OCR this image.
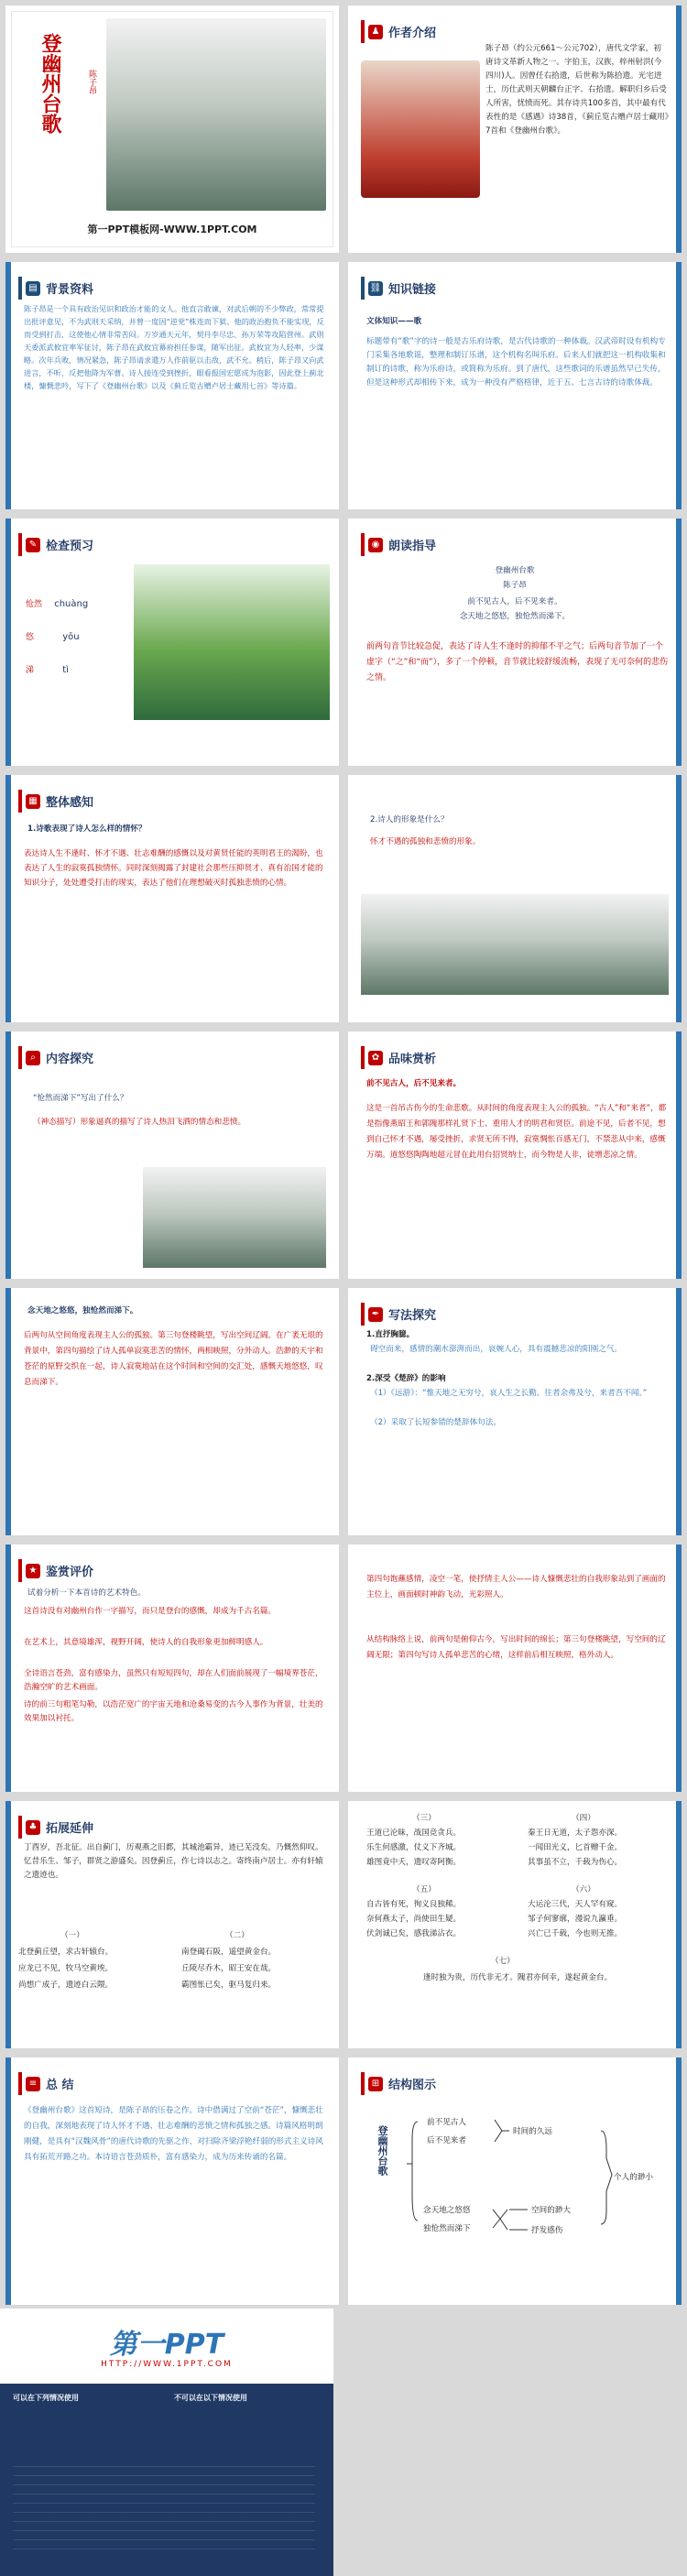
登幽州台歌	陈子昂
第一PPT模板网-WWW.1PPT.COM
♟ 作者介绍
陈子昂（约公元661～公元702），唐代文学家，初唐诗文革新人物之一。字伯玉，汉族，梓州射洪(今四川)人。因曾任右拾遗，后世称为陈拾遗。光宅进士，历仕武则天朝麟台正字、右拾遗。解职归乡后受人所害，忧愤而死。其存诗共100多首，其中最有代表性的是《感遇》诗38首，《蓟丘览古赠卢居士藏用》7首和《登幽州台歌》。
▤ 背景资料
陈子昂是一个具有政治见识和政治才能的文人。他直言敢谏，对武后朝的不少弊政，常常提出批评意见，不为武则天采纳，并曾一度因“逆党”株连而下狱。他的政治抱负不能实现，反而受到打击，这使他心情非常苦闷。万岁通天元年，契丹李尽忠、孙万荣等攻陷营州。武则天委派武攸宜率军征讨，陈子昂在武攸宜幕府担任参谋，随军出征。武攸宜为人轻率，少谋略。次年兵败，情况紧急，陈子昂请求遣万人作前驱以击敌，武不允。稍后，陈子昂又向武进言，不听，反把他降为军曹。诗人接连受到挫折，眼看报国宏愿成为泡影，因此登上蓟北楼，慷慨悲吟，写下了《登幽州台歌》以及《蓟丘览古赠卢居士藏用七首》等诗篇。
⛓ 知识链接
文体知识——歌
标题带有“歌”字的诗一般是古乐府诗歌，是古代诗歌的一种体裁。汉武帝时设有机构专门采集各地歌谣，整理和制订乐谱，这个机构名叫乐府。后来人们就把这一机构收集和制订的诗歌，称为乐府诗，或简称为乐府。到了唐代，这些歌词的乐谱虽然早已失传，但是这种形式却相传下来，成为一种没有严格格律，近于五、七言古诗的诗歌体裁。
✎ 检查预习
怆然 chuàng
悠	yōu
涕	tì
◉ 朗读指导
登幽州台歌
陈子昂
前不见古人，后不见来者。
念天地之悠悠，独怆然而涕下。
前两句音节比较急促，表达了诗人生不逢时的抑郁不平之气；后两句音节加了一个虚字（“之”和“而”），多了一个停顿，音节就比较舒缓流畅，表现了无可奈何的悲伤之情。
▦ 整体感知
1.诗歌表现了诗人怎么样的情怀？
表达诗人生不逢时、怀才不遇、壮志难酬的感慨以及对黄贤任能的英明君王的渴盼，也表达了人生的寂寞孤独情怀。同时深刻揭露了封建社会那些压抑贤才、真有治国才能的知识分子，处处遭受打击的现实，表达了他们在理想破灭时孤独悲愤的心情。
2.诗人的形象是什么？
怀才不遇的孤独和悲愤的形象。
⌕ 内容探究
“怆然而涕下”写出了什么？
（神态描写）形象逼真的描写了诗人热泪飞洒的情态和悲愤。
✿ 品味赏析
前不见古人，后不见来者。
这是一首吊古伤今的生命悲歌。从时间的角度表现主人公的孤独。“古人”和“来者”，都是指像燕昭王和郭隗那样礼贤下士、重用人才的明君和贤臣。前途不见，后者不见，想到自己怀才不遇，屡受挫折，求贤无所不得，寂寞惆怅百感无门，不禁悲从中来，感慨万端。道悠悠陶陶地超元冒在此用台招贤纳士，而今物是人非，徒增悲凉之情。
念天地之悠悠，独怆然而涕下。
后两句从空间角度表现主人公的孤独。第三句登楼眺望，写出空间辽阔。在广袤无垠的背景中，第四句描绘了诗人孤单寂寞悲苦的情怀，两相映照，分外动人。浩渺的天宇和苍茫的原野交织在一起，诗人寂寞地站在这个时间和空间的交汇处，感慨天地悠悠，叹息而涕下。
✒ 写法探究
1.直抒胸臆。
碍空而来，感情的潮水澎湃而出，哀婉人心，具有震撼悲凉的阳刚之气。
2.深受《楚辞》的影响
（1）《远游》：“惟天地之无穷兮，哀人生之长勤。往者余弗及兮，来者吾不闻。”
（2）采取了长短参错的楚辞体句法。
★ 鉴赏评价
试着分析一下本首诗的艺术特色。
这首诗没有对幽州台作一字描写，而只是登台的感慨，却成为千古名篇。
在艺术上，其意境雄浑，视野开阔，使诗人的自我形象更加鲜明感人。
全诗语言苍劲，富有感染力，虽然只有短短四句，却在人们面前展现了一幅境界苍茫，浩瀚空旷的艺术画面。
诗的前三句粗笔勾勒，以浩茫宽广的宇宙天地和沧桑易变的古今人事作为背景，壮美的效果加以衬托。
第四句饱蘸感情，凌空一笔，使抒情主人公——诗人慷慨悲壮的自我形象站到了画面的主位上，画面顿时神韵飞动，光彩照人。
从结构脉络上说，前两句是俯仰古今，写出时间的绵长；第三句登楼眺望，写空间的辽阔无限；第四句写诗人孤单悲苦的心绪，这样前后相互映照，格外动人。
♣ 拓展延伸
丁酉岁，吾北征。出自蓟门，历观燕之旧都，其城池霸异，迹已芜没矣。乃慨然仰叹。忆昔乐生、邹子，群贤之游盛矣。因登蓟丘，作七诗以志之。寄终南卢居士。亦有轩辕之遗迹也。
（一）
北登蓟丘望，求古轩辕台。
应龙已不见，牧马空黄埃。
尚想广成子，遗迹白云隈。
（二）
南登碣石阪，遥望黄金台。
丘陵尽乔木，昭王安在哉。
霸图怅已矣，驱马复归来。
（三）
王道已沦昧，战国竞贪兵。
乐生何感激，仗义下齐城。
雄图竟中夭，遗叹寄阿衡。
（四）
秦王日无道，太子怨亦深。
一闻田光义，匕首赠千金。
其事虽不立，千载为伤心。
（五）
自古皆有死，徇义良独稀。
奈何燕太子，尚使田生疑。
伏剑诚已矣，感我涕沾衣。
（六）
大运沦三代，天人罕有窥。
邹子何寥廓，漫说九瀛垂。
兴亡已千载，今也则无推。
（七）
逢时独为贵，历代非无才。隗君亦何幸，遂起黄金台。
≡ 总 结
《登幽州台歌》这首短诗，是陈子昂的压卷之作。诗中借满过了空前“苍茫”，慷慨悲壮的自我，深刻地表现了诗人怀才不遇、壮志难酬的悲愤之情和孤独之感。诗篇风格明朗刚健，是具有“汉魏风骨”的唐代诗歌的先驱之作，对扫除齐梁浮艳纤弱的形式主义诗风具有拓荒开路之功。本诗语言苍劲质朴，富有感染力，成为历来传诵的名篇。
⊞ 结构图示
登幽州台歌
前不见古人
后不见来者
时间的久远
念天地之悠悠
独怆然而涕下
空间的渺大
抒发感伤
个人的渺小
第一PPT
HTTP://WWW.1PPT.COM
可以在下列情况使用	不可以在以下情况使用
